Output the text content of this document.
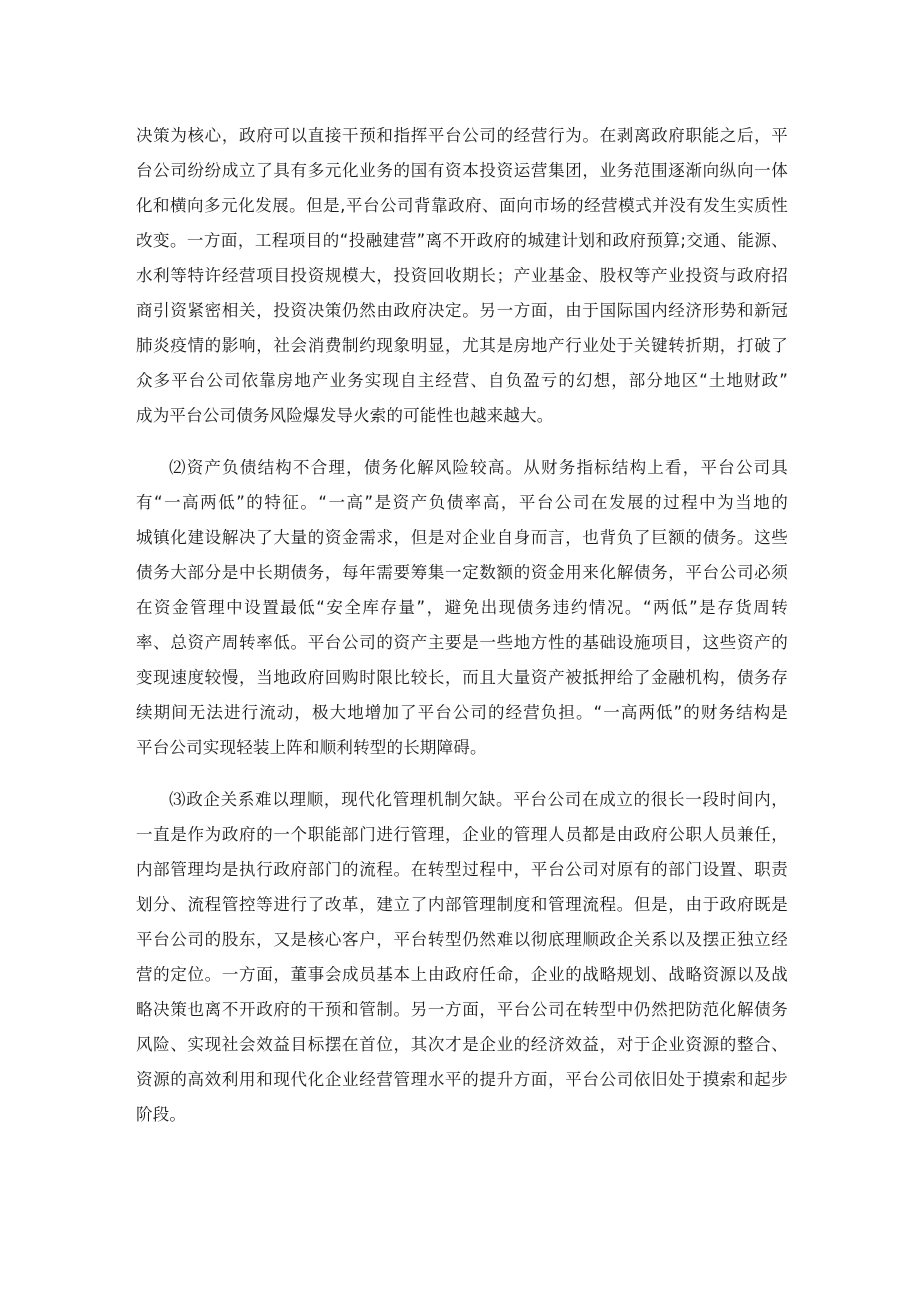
决策为核心，政府可以直接干预和指挥平台公司的经营行为。在剥离政府职能之后，平
台公司纷纷成立了具有多元化业务的国有资本投资运营集团，业务范围逐渐向纵向一体
化和横向多元化发展。但是,平台公司背靠政府、面向市场的经营模式并没有发生实质性
改变。一方面，工程项目的“投融建营”离不开政府的城建计划和政府预算;交通、能源、
水利等特许经营项目投资规模大，投资回收期长；产业基金、股权等产业投资与政府招
商引资紧密相关，投资决策仍然由政府决定。另一方面，由于国际国内经济形势和新冠
肺炎疫情的影响，社会消费制约现象明显，尤其是房地产行业处于关键转折期，打破了
众多平台公司依靠房地产业务实现自主经营、自负盈亏的幻想，部分地区“土地财政”
成为平台公司债务风险爆发导火索的可能性也越来越大。
⑵资产负债结构不合理，债务化解风险较高。从财务指标结构上看，平台公司具
有“一高两低”的特征。“一高”是资产负债率高，平台公司在发展的过程中为当地的
城镇化建设解决了大量的资金需求，但是对企业自身而言，也背负了巨额的债务。这些
债务大部分是中长期债务，每年需要筹集一定数额的资金用来化解债务，平台公司必须
在资金管理中设置最低“安全库存量”，避免出现债务违约情况。“两低”是存货周转
率、总资产周转率低。平台公司的资产主要是一些地方性的基础设施项目，这些资产的
变现速度较慢，当地政府回购时限比较长，而且大量资产被抵押给了金融机构，债务存
续期间无法进行流动，极大地增加了平台公司的经营负担。“一高两低”的财务结构是
平台公司实现轻装上阵和顺利转型的长期障碍。
⑶政企关系难以理顺，现代化管理机制欠缺。平台公司在成立的很长一段时间内，
一直是作为政府的一个职能部门进行管理，企业的管理人员都是由政府公职人员兼任，
内部管理均是执行政府部门的流程。在转型过程中，平台公司对原有的部门设置、职责
划分、流程管控等进行了改革，建立了内部管理制度和管理流程。但是，由于政府既是
平台公司的股东，又是核心客户，平台转型仍然难以彻底理顺政企关系以及摆正独立经
营的定位。一方面，董事会成员基本上由政府任命，企业的战略规划、战略资源以及战
略决策也离不开政府的干预和管制。另一方面，平台公司在转型中仍然把防范化解债务
风险、实现社会效益目标摆在首位，其次才是企业的经济效益，对于企业资源的整合、
资源的高效利用和现代化企业经营管理水平的提升方面，平台公司依旧处于摸索和起步
阶段。
